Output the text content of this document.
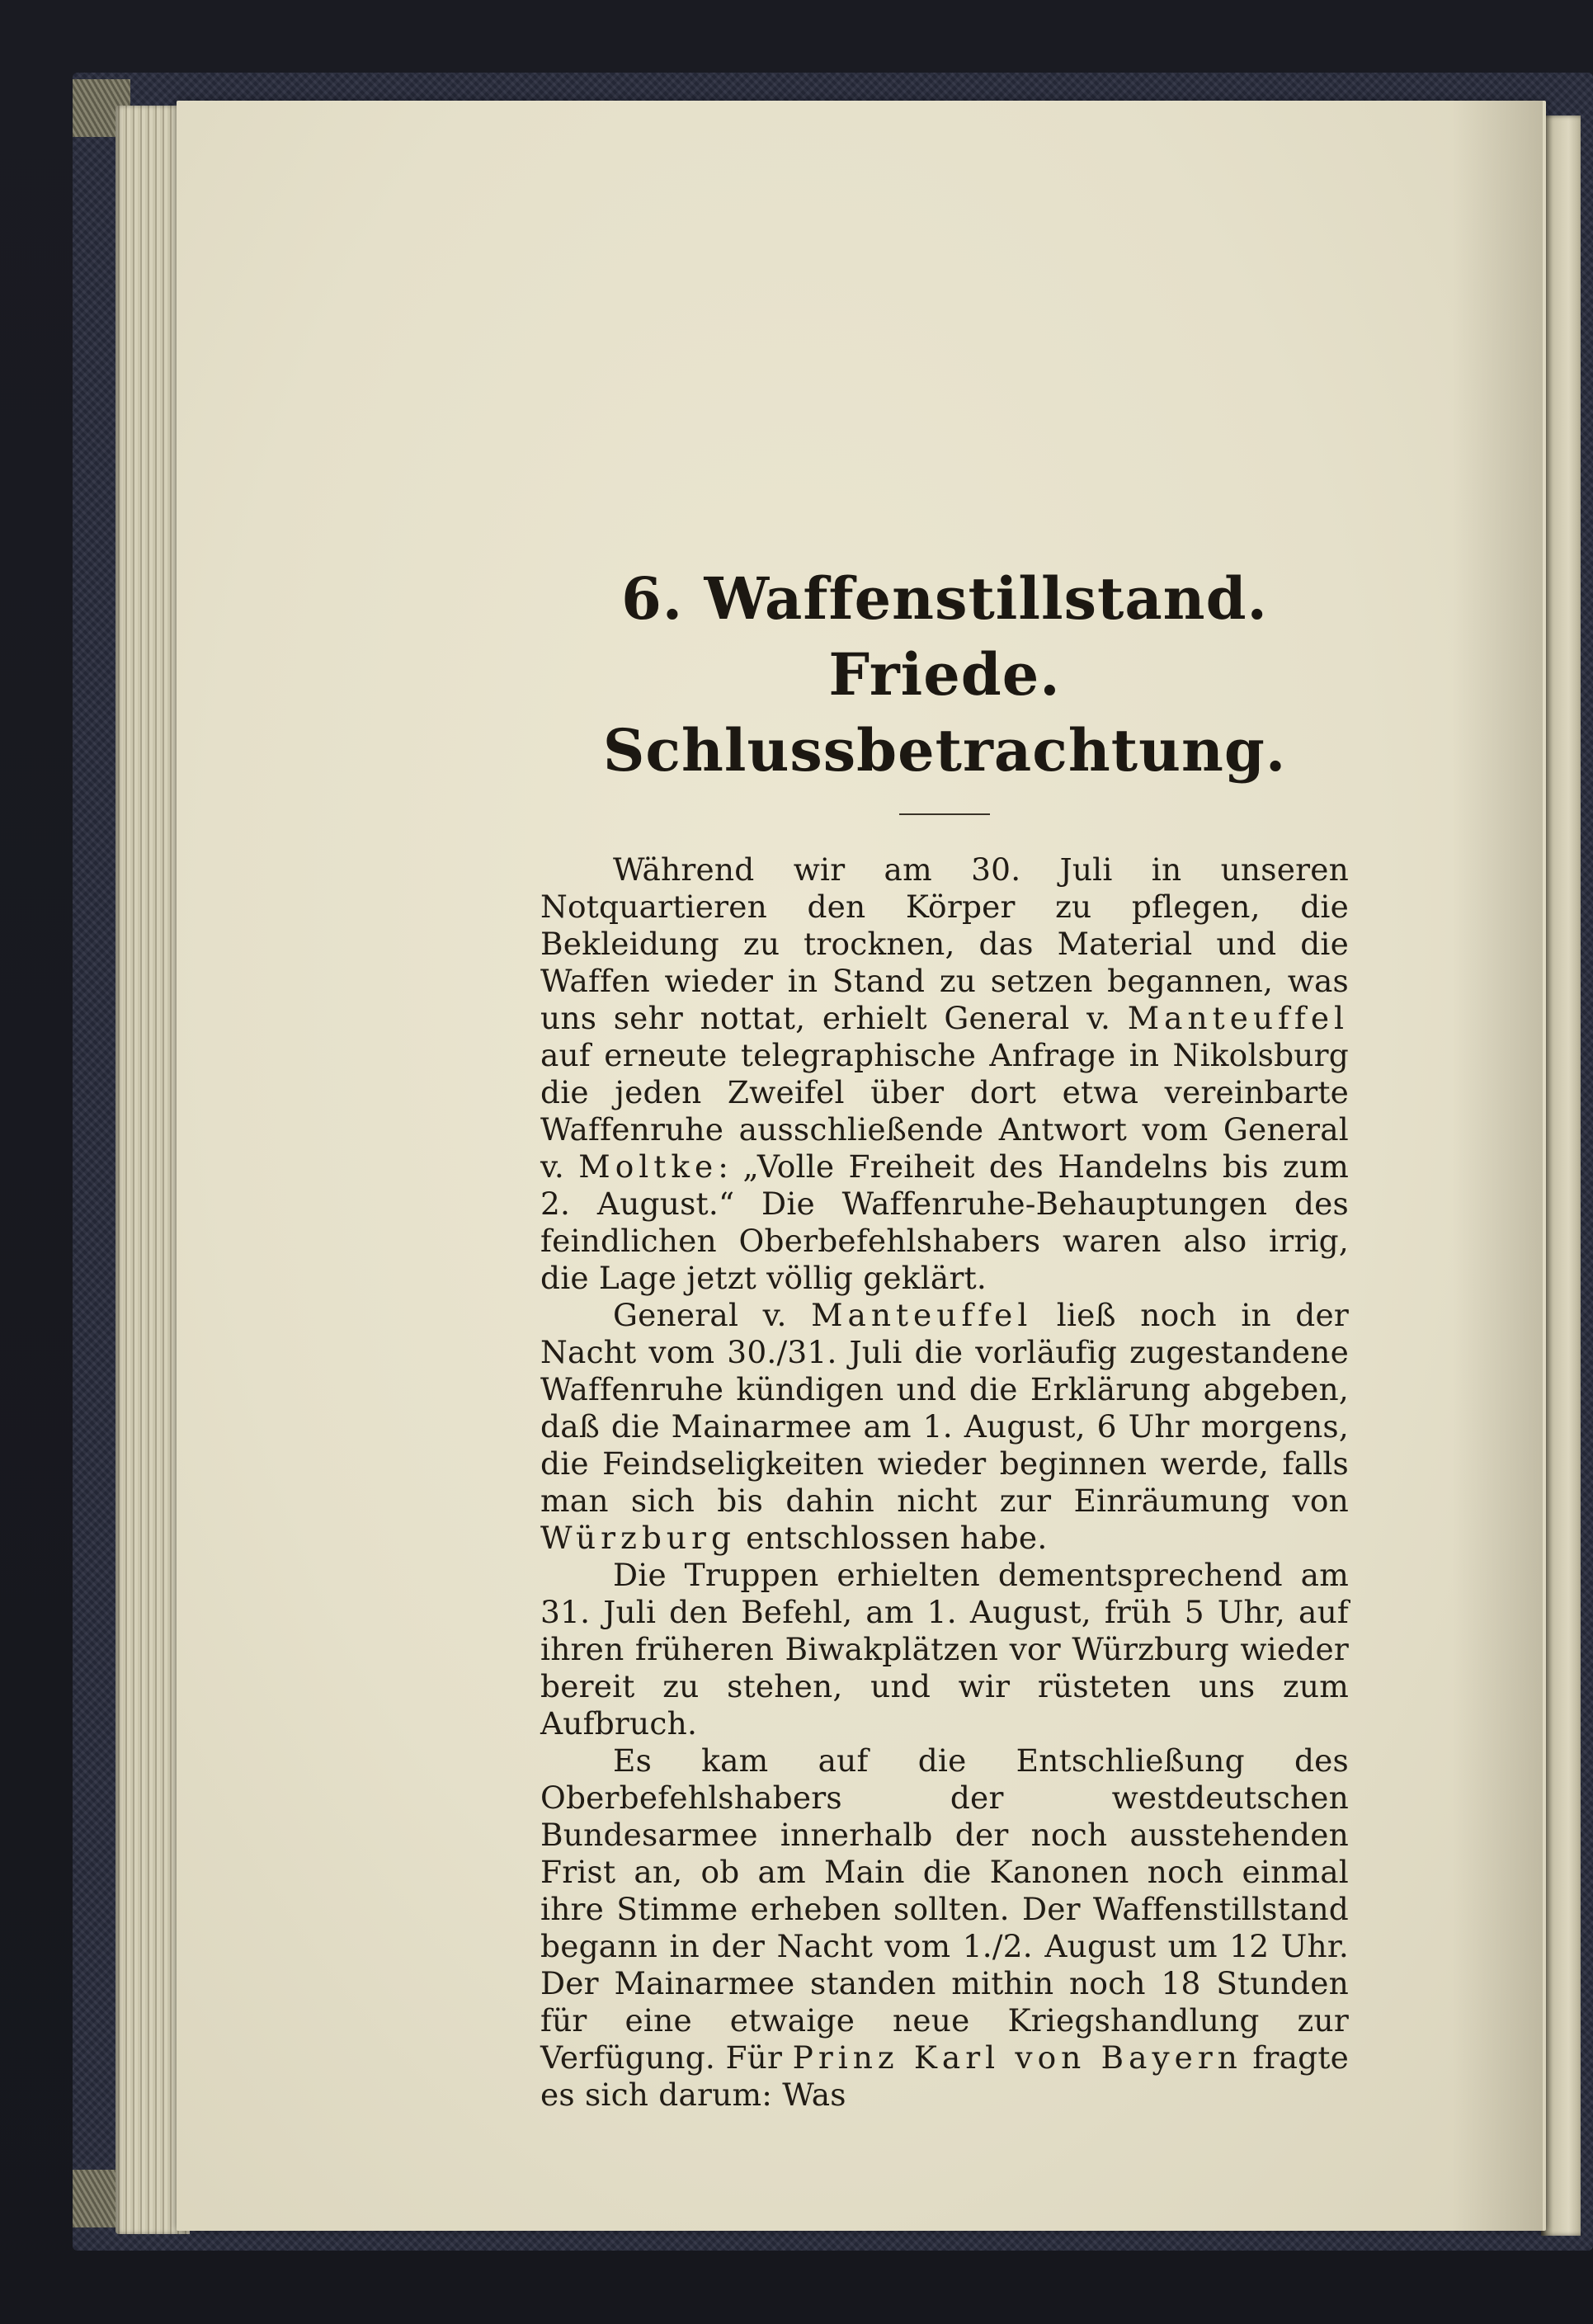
6. Waffenstillstand. Friede.
Schlussbetrachtung.

Während wir am 30. Juli in unseren Notquartieren den Körper zu pflegen, die Bekleidung zu trocknen, das Material und die Waffen wieder in Stand zu setzen begannen, was uns sehr nottat, erhielt General v. Manteuffel auf erneute telegraphische Anfrage in Nikolsburg die jeden Zweifel über dort etwa vereinbarte Waffenruhe ausschließende Antwort vom General v. Moltke: „Volle Freiheit des Handelns bis zum 2. August.“ Die Waffenruhe-Behauptungen des feindlichen Oberbefehlshabers waren also irrig, die Lage jetzt völlig geklärt.

General v. Manteuffel ließ noch in der Nacht vom 30./31. Juli die vorläufig zugestandene Waffenruhe kündigen und die Erklärung abgeben, daß die Mainarmee am 1. August, 6 Uhr morgens, die Feindseligkeiten wieder beginnen werde, falls man sich bis dahin nicht zur Einräumung von Würzburg entschlossen habe.

Die Truppen erhielten dementsprechend am 31. Juli den Befehl, am 1. August, früh 5 Uhr, auf ihren früheren Biwakplätzen vor Würzburg wieder bereit zu stehen, und wir rüsteten uns zum Aufbruch.

Es kam auf die Entschließung des Oberbefehlshabers der westdeutschen Bundesarmee innerhalb der noch ausstehenden Frist an, ob am Main die Kanonen noch einmal ihre Stimme erheben sollten. Der Waffenstillstand begann in der Nacht vom 1./2. August um 12 Uhr. Der Mainarmee standen mithin noch 18 Stunden für eine etwaige neue Kriegshandlung zur Verfügung. Für Prinz Karl von Bayern fragte es sich darum: Was
